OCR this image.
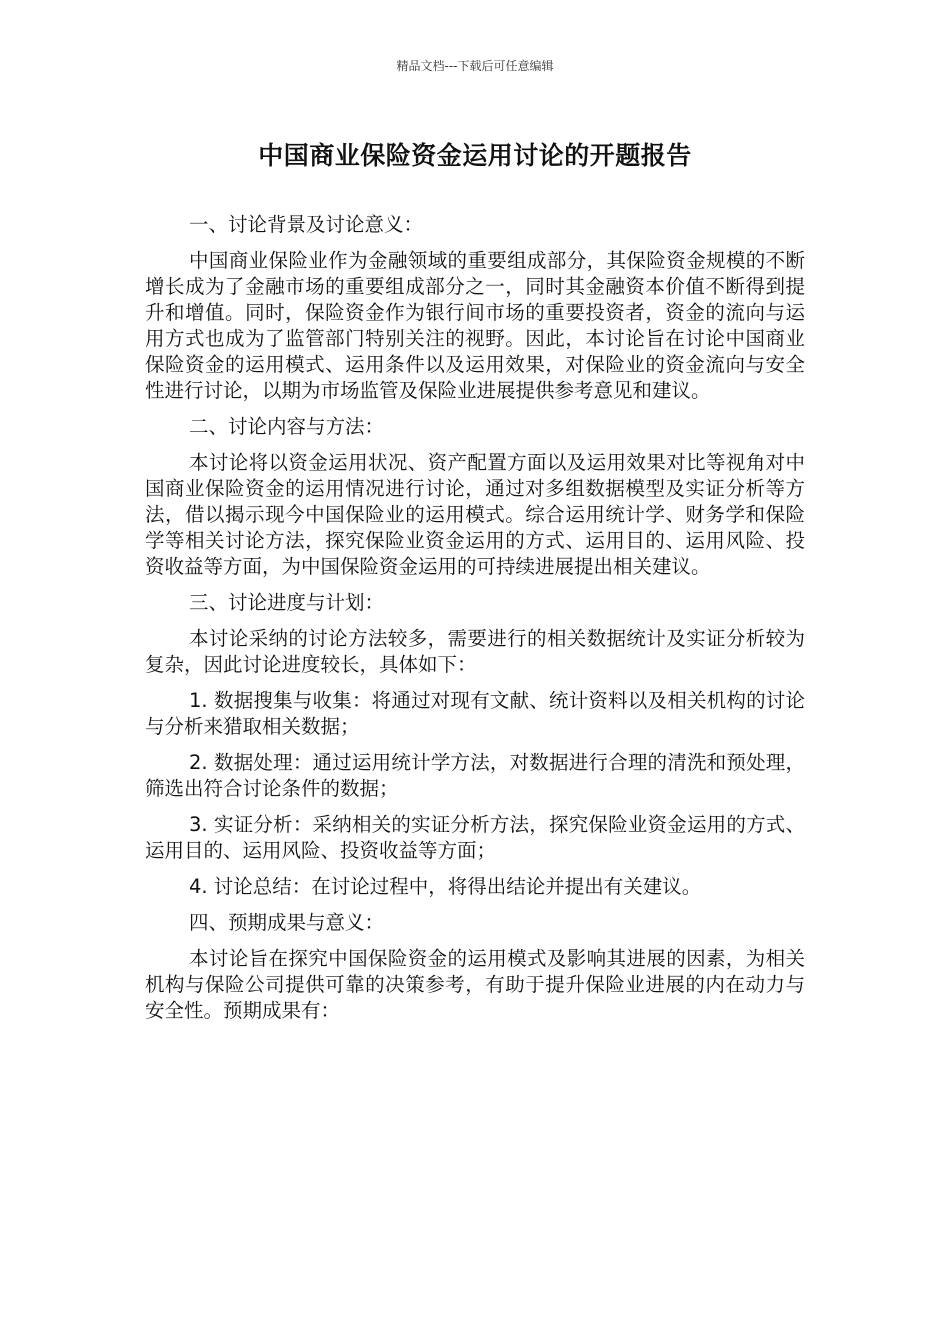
精品文档---下载后可任意编辑
中国商业保险资金运用讨论的开题报告

一、讨论背景及讨论意义：

中国商业保险业作为金融领域的重要组成部分，其保险资金规模的不断增长成为了金融市场的重要组成部分之一，同时其金融资本价值不断得到提升和增值。同时，保险资金作为银行间市场的重要投资者，资金的流向与运用方式也成为了监管部门特别关注的视野。因此，本讨论旨在讨论中国商业保险资金的运用模式、运用条件以及运用效果，对保险业的资金流向与安全性进行讨论，以期为市场监管及保险业进展提供参考意见和建议。

二、讨论内容与方法：

本讨论将以资金运用状况、资产配置方面以及运用效果对比等视角对中国商业保险资金的运用情况进行讨论，通过对多组数据模型及实证分析等方法，借以揭示现今中国保险业的运用模式。综合运用统计学、财务学和保险学等相关讨论方法，探究保险业资金运用的方式、运用目的、运用风险、投资收益等方面，为中国保险资金运用的可持续进展提出相关建议。

三、讨论进度与计划：

本讨论采纳的讨论方法较多，需要进行的相关数据统计及实证分析较为复杂，因此讨论进度较长，具体如下：

1. 数据搜集与收集：将通过对现有文献、统计资料以及相关机构的讨论与分析来猎取相关数据；

2. 数据处理：通过运用统计学方法，对数据进行合理的清洗和预处理，筛选出符合讨论条件的数据；

3. 实证分析：采纳相关的实证分析方法，探究保险业资金运用的方式、运用目的、运用风险、投资收益等方面；

4. 讨论总结：在讨论过程中，将得出结论并提出有关建议。

四、预期成果与意义：

本讨论旨在探究中国保险资金的运用模式及影响其进展的因素，为相关机构与保险公司提供可靠的决策参考，有助于提升保险业进展的内在动力与安全性。预期成果有：
